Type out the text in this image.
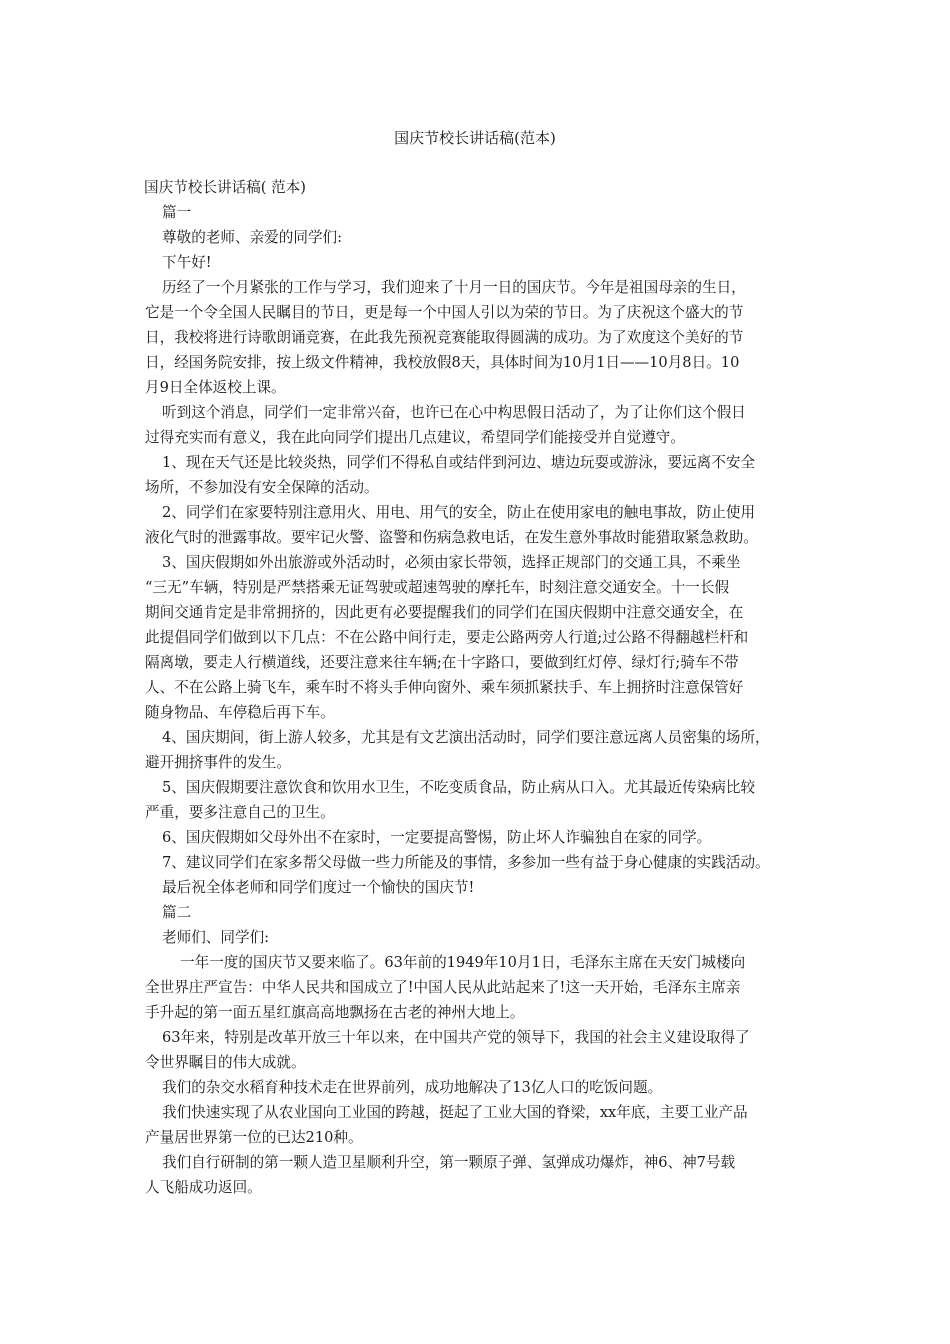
国庆节校长讲话稿(范本)
国庆节校长讲话稿( 范本)
篇一
尊敬的老师、亲爱的同学们:
下午好!
历经了一个月紧张的工作与学习，我们迎来了十月一日的国庆节。今年是祖国母亲的生日，
它是一个令全国人民瞩目的节日，更是每一个中国人引以为荣的节日。为了庆祝这个盛大的节
日，我校将进行诗歌朗诵竞赛，在此我先预祝竞赛能取得圆满的成功。为了欢度这个美好的节
日，经国务院安排，按上级文件精神，我校放假8天，具体时间为10月1日——10月8日。10
月9日全体返校上课。
听到这个消息，同学们一定非常兴奋，也许已在心中构思假日活动了，为了让你们这个假日
过得充实而有意义，我在此向同学们提出几点建议，希望同学们能接受并自觉遵守。
1、现在天气还是比较炎热，同学们不得私自或结伴到河边、塘边玩耍或游泳，要远离不安全
场所，不参加没有安全保障的活动。
2、同学们在家要特别注意用火、用电、用气的安全，防止在使用家电的触电事故，防止使用
液化气时的泄露事故。要牢记火警、盗警和伤病急救电话，在发生意外事故时能猎取紧急救助。
3、国庆假期如外出旅游或外活动时，必须由家长带领，选择正规部门的交通工具，不乘坐
“三无”车辆，特别是严禁搭乘无证驾驶或超速驾驶的摩托车，时刻注意交通安全。十一长假
期间交通肯定是非常拥挤的，因此更有必要提醒我们的同学们在国庆假期中注意交通安全，在
此提倡同学们做到以下几点：不在公路中间行走，要走公路两旁人行道;过公路不得翻越栏杆和
隔离墩，要走人行横道线，还要注意来往车辆;在十字路口，要做到红灯停、绿灯行;骑车不带
人、不在公路上骑飞车，乘车时不将头手伸向窗外、乘车须抓紧扶手、车上拥挤时注意保管好
随身物品、车停稳后再下车。
4、国庆期间，街上游人较多，尤其是有文艺演出活动时，同学们要注意远离人员密集的场所，
避开拥挤事件的发生。
5、国庆假期要注意饮食和饮用水卫生，不吃变质食品，防止病从口入。尤其最近传染病比较
严重，要多注意自己的卫生。
6、国庆假期如父母外出不在家时，一定要提高警惕，防止坏人诈骗独自在家的同学。
7、建议同学们在家多帮父母做一些力所能及的事情，多参加一些有益于身心健康的实践活动。
最后祝全体老师和同学们度过一个愉快的国庆节!
篇二
老师们、同学们:
一年一度的国庆节又要来临了。63年前的1949年10月1日，毛泽东主席在天安门城楼向
全世界庄严宣告：中华人民共和国成立了!中国人民从此站起来了!这一天开始，毛泽东主席亲
手升起的第一面五星红旗高高地飘扬在古老的神州大地上。
63年来，特别是改革开放三十年以来，在中国共产党的领导下，我国的社会主义建设取得了
令世界瞩目的伟大成就。
我们的杂交水稻育种技术走在世界前列，成功地解决了13亿人口的吃饭问题。
我们快速实现了从农业国向工业国的跨越，挺起了工业大国的脊梁，xx年底，主要工业产品
产量居世界第一位的已达210种。
我们自行研制的第一颗人造卫星顺利升空，第一颗原子弹、氢弹成功爆炸，神6、神7号载
人飞船成功返回。
